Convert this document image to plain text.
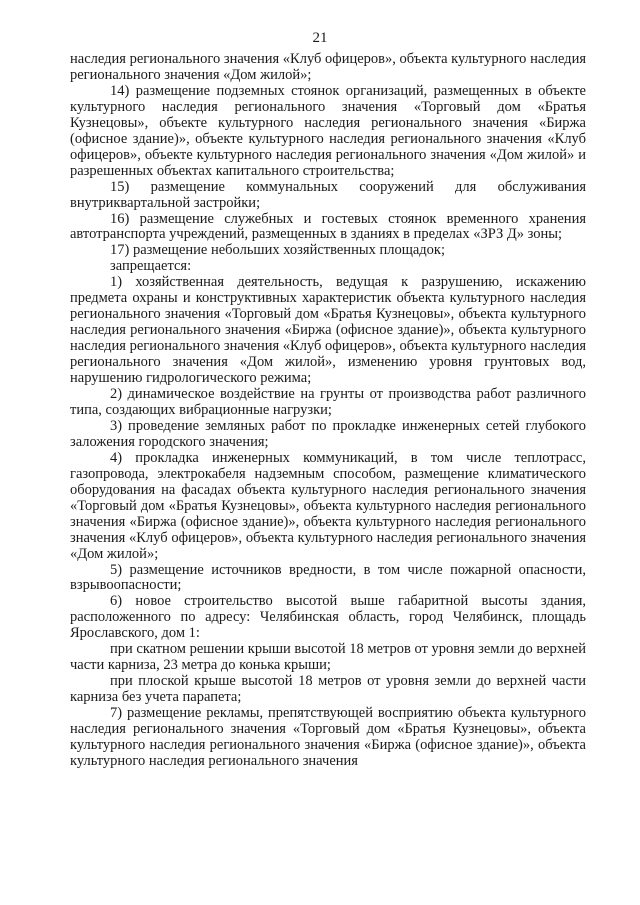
21

наследия регионального значения «Клуб офицеров», объекта культурного наследия регионального значения «Дом жилой»;

14) размещение подземных стоянок организаций, размещенных в объекте культурного наследия регионального значения «Торговый дом «Братья Кузнецовы», объекте культурного наследия регионального значения «Биржа (офисное здание)», объекте культурного наследия регионального значения «Клуб офицеров», объекте культурного наследия регионального значения «Дом жилой» и разрешенных объектах капитального строительства;

15) размещение коммунальных сооружений для обслуживания внутриквартальной застройки;

16) размещение служебных и гостевых стоянок временного хранения автотранспорта учреждений, размещенных в зданиях в пределах «ЗРЗ Д» зоны;

17) размещение небольших хозяйственных площадок;

запрещается:

1) хозяйственная деятельность, ведущая к разрушению, искажению предмета охраны и конструктивных характеристик объекта культурного наследия регионального значения «Торговый дом «Братья Кузнецовы», объекта культурного наследия регионального значения «Биржа (офисное здание)», объекта культурного наследия регионального значения «Клуб офицеров», объекта культурного наследия регионального значения «Дом жилой», изменению уровня грунтовых вод, нарушению гидрологического режима;

2) динамическое воздействие на грунты от производства работ различного типа, создающих вибрационные нагрузки;

3) проведение земляных работ по прокладке инженерных сетей глубокого заложения городского значения;

4) прокладка инженерных коммуникаций, в том числе теплотрасс, газопровода, электрокабеля надземным способом, размещение климатического оборудования на фасадах объекта культурного наследия регионального значения «Торговый дом «Братья Кузнецовы», объекта культурного наследия регионального значения «Биржа (офисное здание)», объекта культурного наследия регионального значения «Клуб офицеров», объекта культурного наследия регионального значения «Дом жилой»;

5) размещение источников вредности, в том числе пожарной опасности, взрывоопасности;

6) новое строительство высотой выше габаритной высоты здания, расположенного по адресу: Челябинская область, город Челябинск, площадь Ярославского, дом 1:

при скатном решении крыши высотой 18 метров от уровня земли до верхней части карниза, 23 метра до конька крыши;

при плоской крыше высотой 18 метров от уровня земли до верхней части карниза без учета парапета;

7) размещение рекламы, препятствующей восприятию объекта культурного наследия регионального значения «Торговый дом «Братья Кузнецовы», объекта культурного наследия регионального значения «Биржа (офисное здание)», объекта культурного наследия регионального значения
